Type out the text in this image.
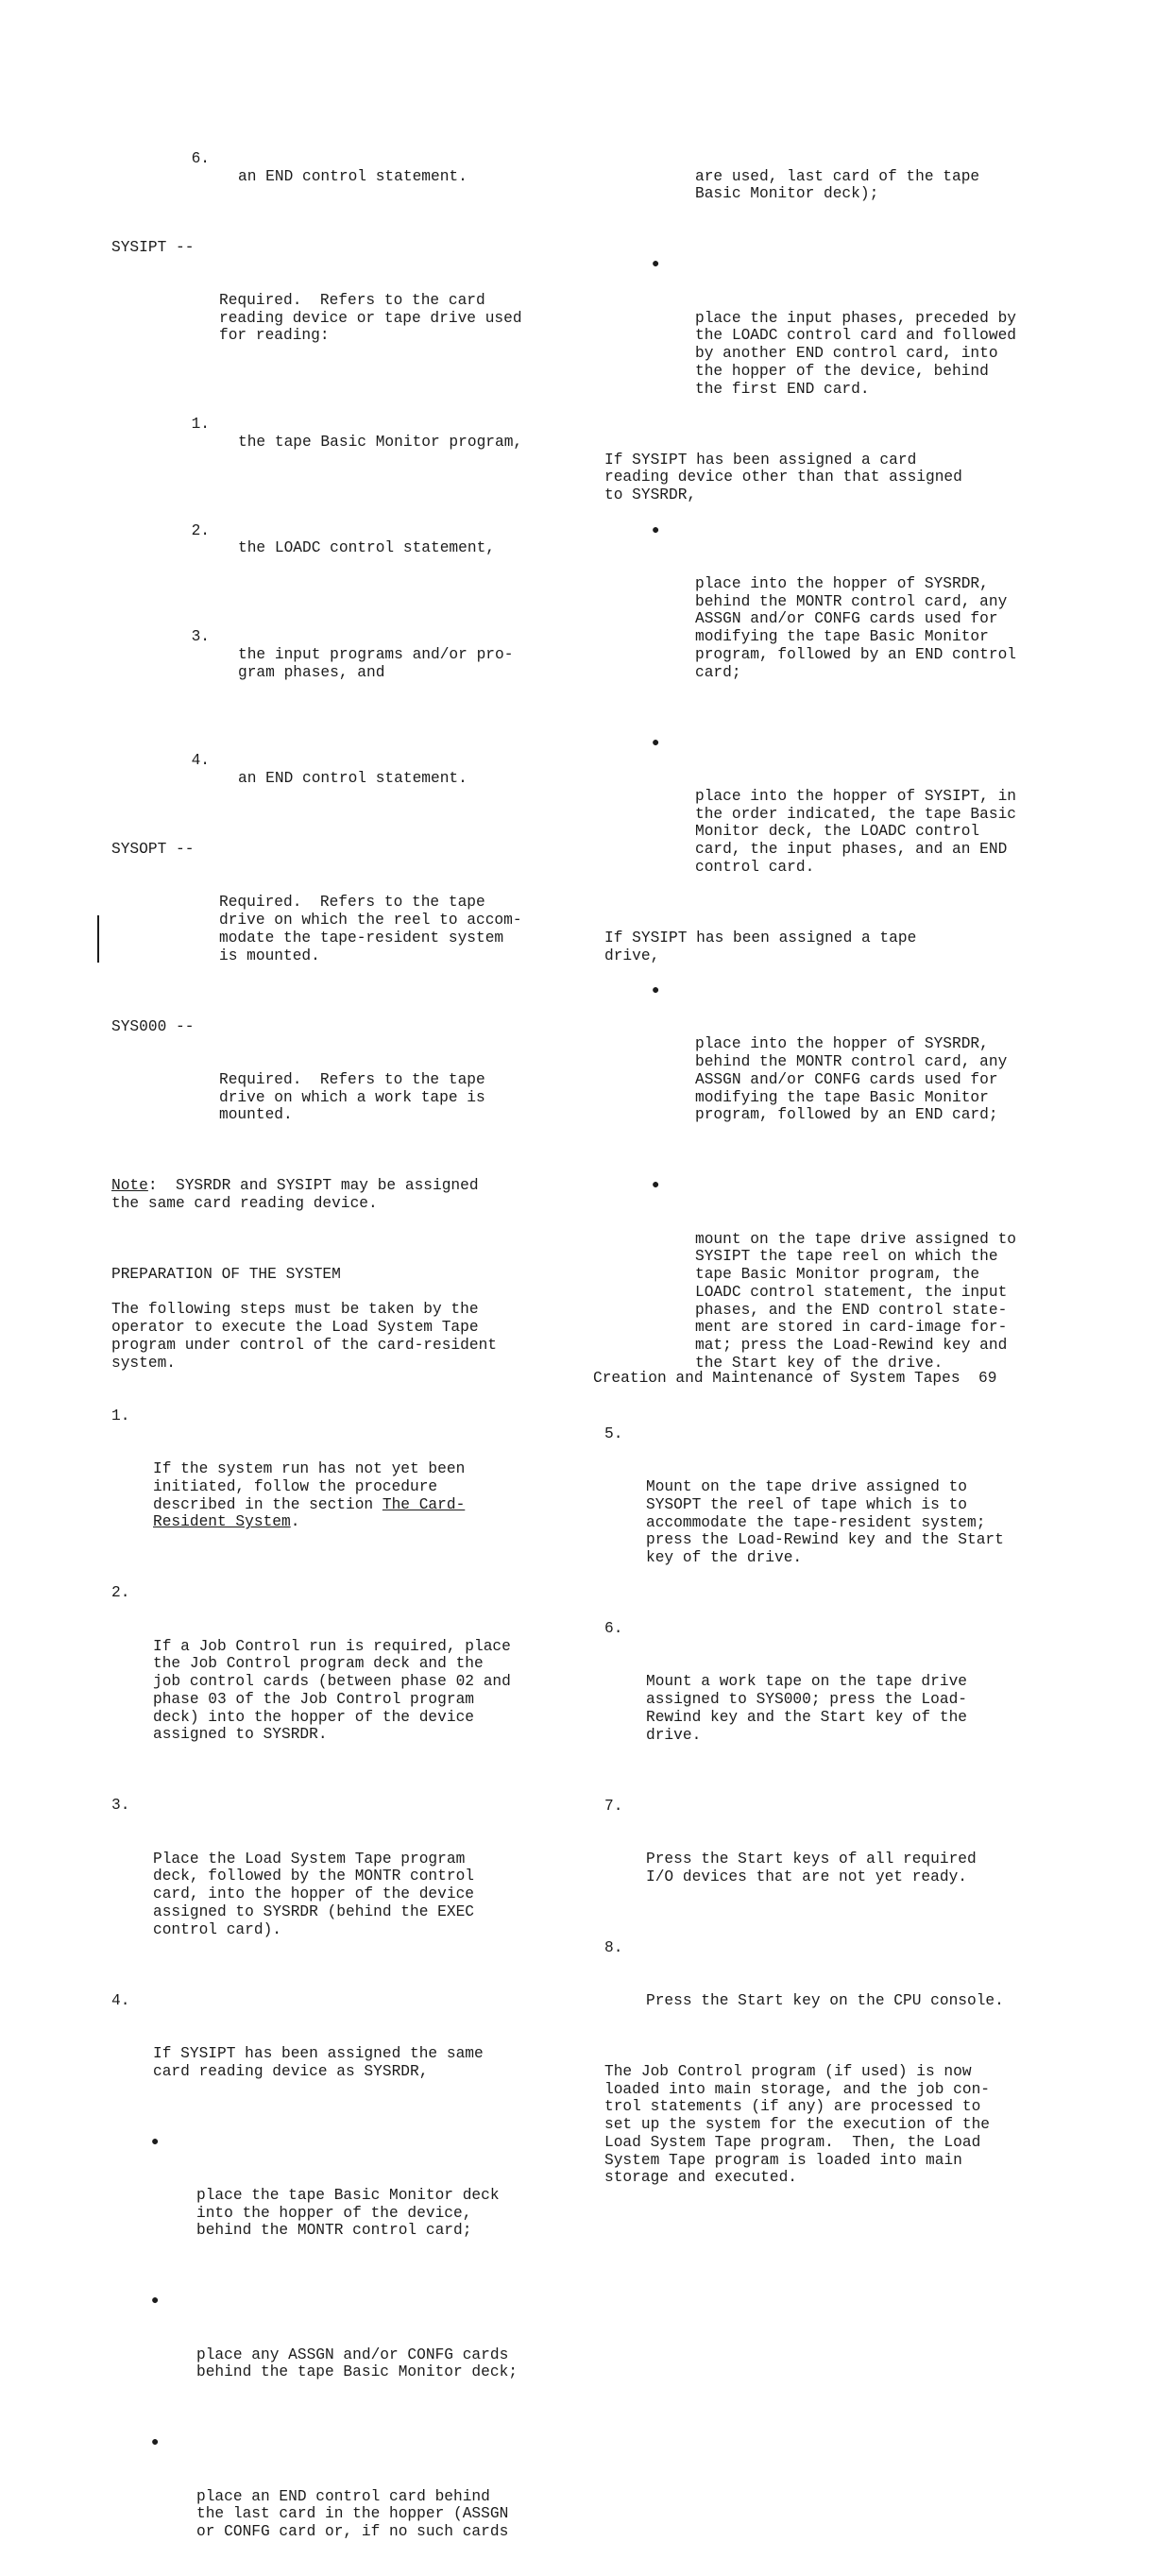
6.
an END control statement.

SYSIPT --

Required.  Refers to the card
reading device or tape drive used
for reading:

1.
the tape Basic Monitor program,

2.
the LOADC control statement,

3.
the input programs and/or pro-
gram phases, and

4.
an END control statement.

SYSOPT --

Required.  Refers to the tape
drive on which the reel to accom-
modate the tape-resident system
is mounted.

SYS000 --

Required.  Refers to the tape
drive on which a work tape is
mounted.

Note:  SYSRDR and SYSIPT may be assigned
the same card reading device.
PREPARATION OF THE SYSTEM
The following steps must be taken by the
operator to execute the Load System Tape
program under control of the card-resident
system.

1.

If the system run has not yet been
initiated, follow the procedure
described in the section The Card-
Resident System.

2.

If a Job Control run is required, place
the Job Control program deck and the
job control cards (between phase 02 and
phase 03 of the Job Control program
deck) into the hopper of the device
assigned to SYSRDR.

3.

Place the Load System Tape program
deck, followed by the MONTR control
card, into the hopper of the device
assigned to SYSRDR (behind the EXEC
control card).

4.

If SYSIPT has been assigned the same
card reading device as SYSRDR,

●

place the tape Basic Monitor deck
into the hopper of the device,
behind the MONTR control card;

●

place any ASSGN and/or CONFG cards
behind the tape Basic Monitor deck;

●

place an END control card behind
the last card in the hopper (ASSGN
or CONFG card or, if no such cards

are used, last card of the tape
Basic Monitor deck);

●

place the input phases, preceded by
the LOADC control card and followed
by another END control card, into
the hopper of the device, behind
the first END card.

If SYSIPT has been assigned a card
reading device other than that assigned
to SYSRDR,

●

place into the hopper of SYSRDR,
behind the MONTR control card, any
ASSGN and/or CONFG cards used for
modifying the tape Basic Monitor
program, followed by an END control
card;

●

place into the hopper of SYSIPT, in
the order indicated, the tape Basic
Monitor deck, the LOADC control
card, the input phases, and an END
control card.

If SYSIPT has been assigned a tape
drive,

●

place into the hopper of SYSRDR,
behind the MONTR control card, any
ASSGN and/or CONFG cards used for
modifying the tape Basic Monitor
program, followed by an END card;

●

mount on the tape drive assigned to
SYSIPT the tape reel on which the
tape Basic Monitor program, the
LOADC control statement, the input
phases, and the END control state-
ment are stored in card-image for-
mat; press the Load-Rewind key and
the Start key of the drive.

5.

Mount on the tape drive assigned to
SYSOPT the reel of tape which is to
accommodate the tape-resident system;
press the Load-Rewind key and the Start
key of the drive.

6.

Mount a work tape on the tape drive
assigned to SYS000; press the Load-
Rewind key and the Start key of the
drive.

7.

Press the Start keys of all required
I/O devices that are not yet ready.

8.

Press the Start key on the CPU console.

The Job Control program (if used) is now
loaded into main storage, and the job con-
trol statements (if any) are processed to
set up the system for the execution of the
Load System Tape program.  Then, the Load
System Tape program is loaded into main
storage and executed.
Creation and Maintenance of System Tapes 69
